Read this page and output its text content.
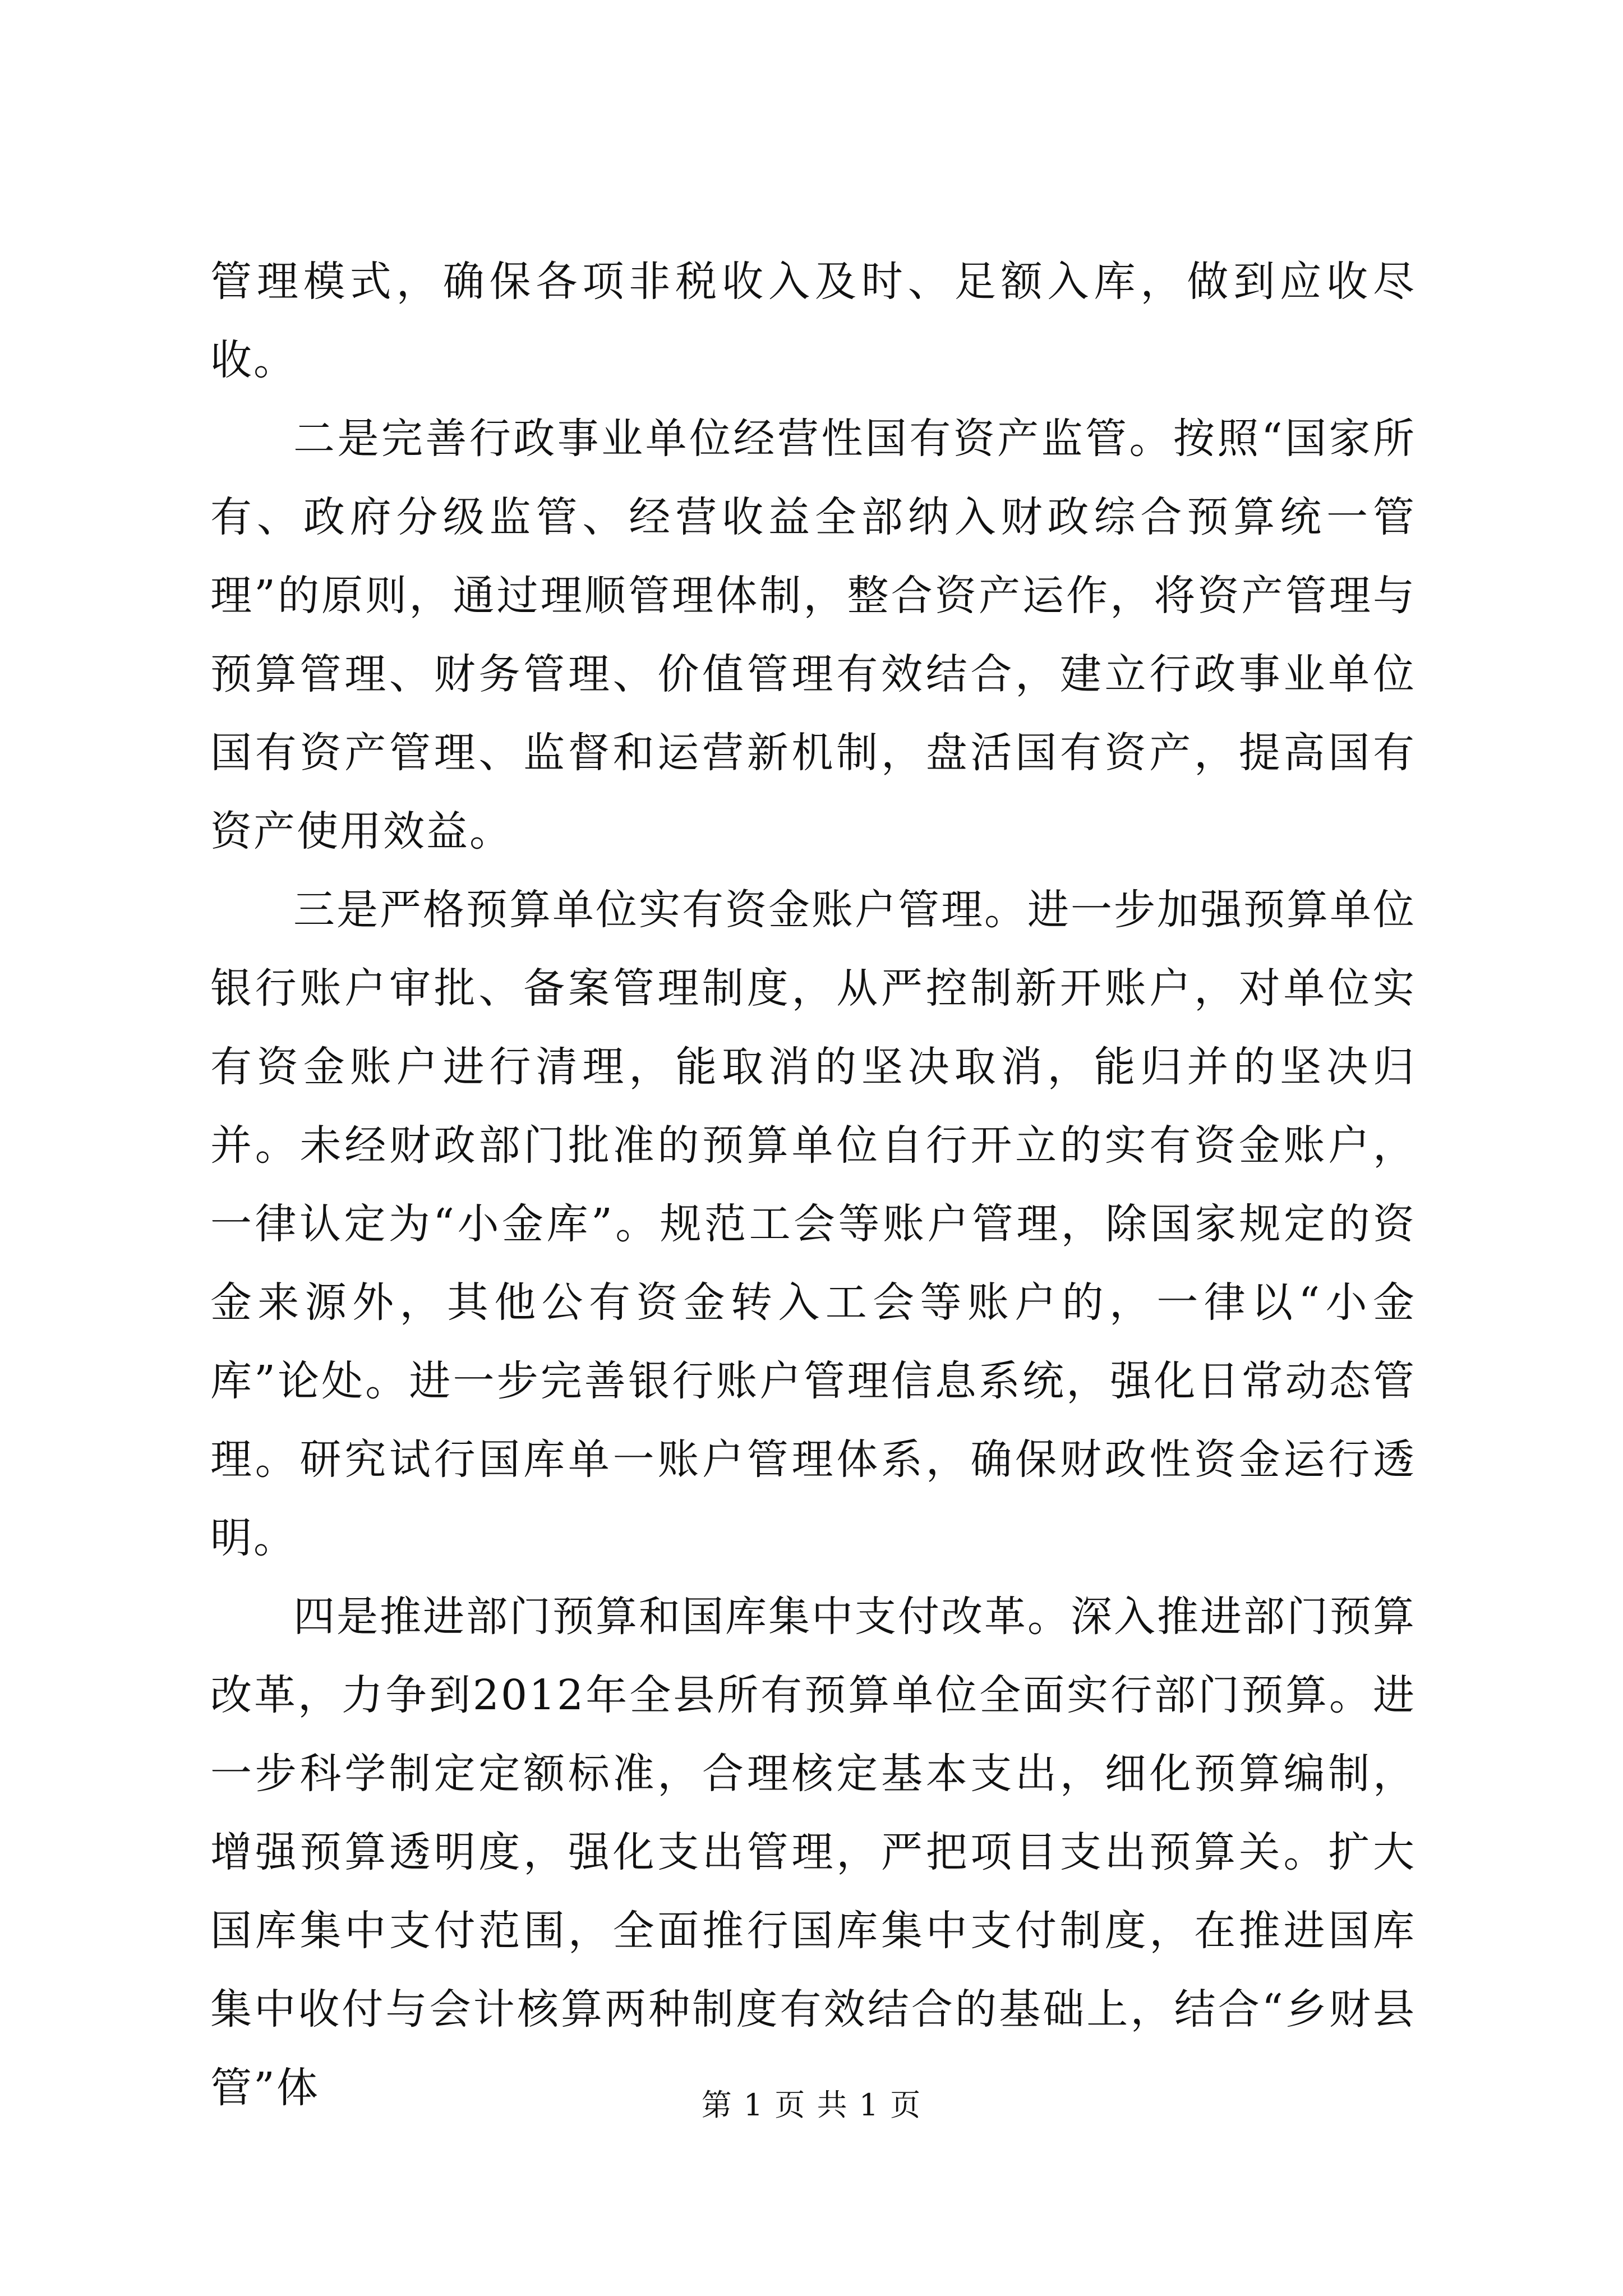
管理模式，确保各项非税收入及时、足额入库，做到应收尽收。

二是完善行政事业单位经营性国有资产监管。按照“国家所有、政府分级监管、经营收益全部纳入财政综合预算统一管理”的原则，通过理顺管理体制，整合资产运作，将资产管理与预算管理、财务管理、价值管理有效结合，建立行政事业单位国有资产管理、监督和运营新机制，盘活国有资产，提高国有资产使用效益。

三是严格预算单位实有资金账户管理。进一步加强预算单位银行账户审批、备案管理制度，从严控制新开账户，对单位实有资金账户进行清理，能取消的坚决取消，能归并的坚决归并。未经财政部门批准的预算单位自行开立的实有资金账户，一律认定为“小金库”。规范工会等账户管理，除国家规定的资金来源外，其他公有资金转入工会等账户的，一律以“小金库”论处。进一步完善银行账户管理信息系统，强化日常动态管理。研究试行国库单一账户管理体系，确保财政性资金运行透明。

四是推进部门预算和国库集中支付改革。深入推进部门预算改革，力争到2012年全县所有预算单位全面实行部门预算。进一步科学制定定额标准，合理核定基本支出，细化预算编制，增强预算透明度，强化支出管理，严把项目支出预算关。扩大国库集中支付范围，全面推行国库集中支付制度，在推进国库集中收付与会计核算两种制度有效结合的基础上，结合“乡财县管”体	第 1 页 共 1 页
